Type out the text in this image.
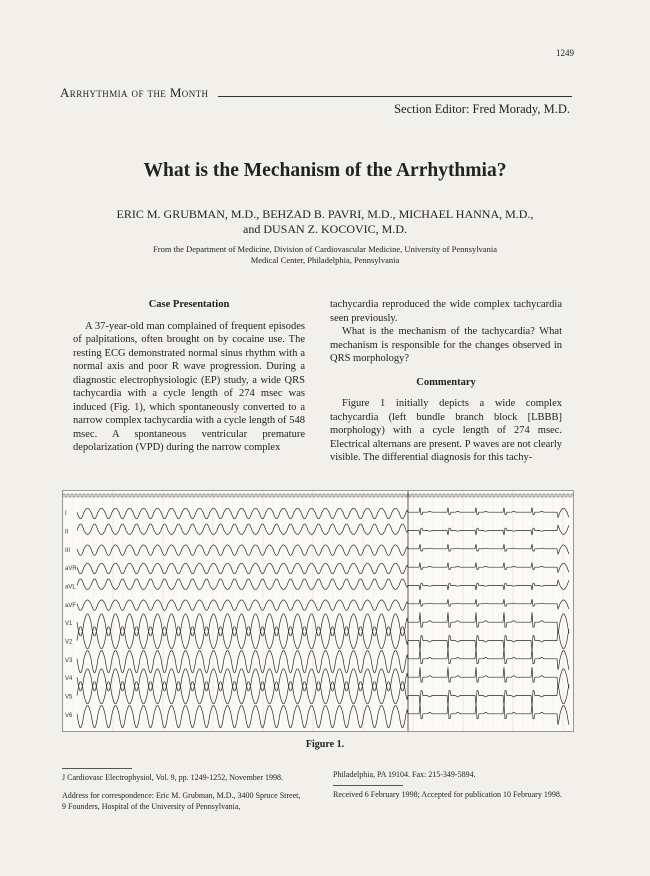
1249
Arrhythmia of the Month
Section Editor: Fred Morady, M.D.
What is the Mechanism of the Arrhythmia?
ERIC M. GRUBMAN, M.D., BEHZAD B. PAVRI, M.D., MICHAEL HANNA, M.D.,
and DUSAN Z. KOCOVIC, M.D.
From the Department of Medicine, Division of Cardiovascular Medicine, University of Pennsylvania
Medical Center, Philadelphia, Pennsylvania
Case Presentation

A 37-year-old man complained of frequent episodes of palpitations, often brought on by cocaine use. The resting ECG demonstrated normal sinus rhythm with a normal axis and poor R wave progression. During a diagnostic electrophysiologic (EP) study, a wide QRS tachycardia with a cycle length of 274 msec was induced (Fig. 1), which spontaneously converted to a narrow complex tachycardia with a cycle length of 548 msec. A spontaneous ventricular premature depolarization (VPD) during the narrow complex

tachycardia reproduced the wide complex tachycardia seen previously.

What is the mechanism of the tachycardia? What mechanism is responsible for the changes observed in QRS morphology?

Commentary

Figure 1 initially depicts a wide complex tachycardia (left bundle branch block [LBBB] morphology) with a cycle length of 274 msec. Electrical alternans are present. P waves are not clearly visible. The differential diagnosis for this tachy-

I
II
III
aVR
aVL
aVF
V1
V2
V3
V4
V5
V6
Figure 1.
J Cardiovasc Electrophysiol, Vol. 9, pp. 1249-1252, November 1998.
Address for correspondence: Eric M. Grubman, M.D., 3400 Spruce Street, 9 Founders, Hospital of the University of Pennsylvania,
Philadelphia, PA 19104. Fax: 215-349-5894.
Received 6 February 1998; Accepted for publication 10 February 1998.
